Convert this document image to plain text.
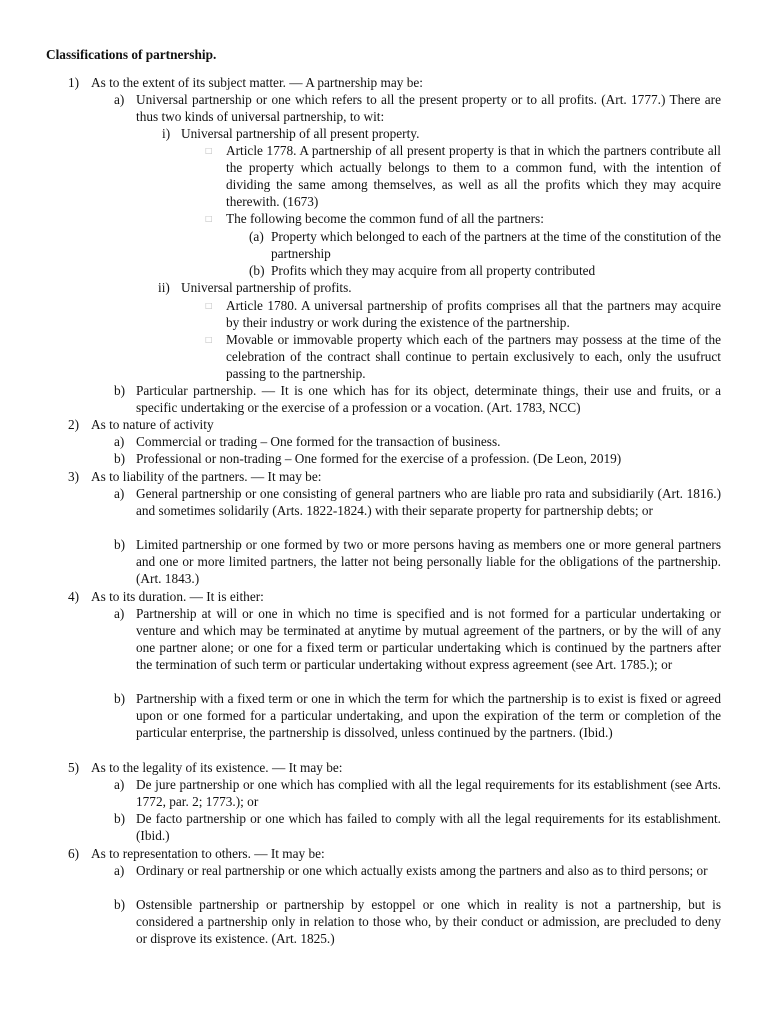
Classifications of partnership.
1) As to the extent of its subject matter. — A partnership may be:
a) Universal partnership or one which refers to all the present property or to all profits. (Art. 1777.) There are thus two kinds of universal partnership, to wit:
i) Universal partnership of all present property.
□ Article 1778. A partnership of all present property is that in which the partners contribute all the property which actually belongs to them to a common fund, with the intention of dividing the same among themselves, as well as all the profits which they may acquire therewith. (1673)
□ The following become the common fund of all the partners:
(a) Property which belonged to each of the partners at the time of the constitution of the partnership
(b) Profits which they may acquire from all property contributed
ii) Universal partnership of profits.
□ Article 1780. A universal partnership of profits comprises all that the partners may acquire by their industry or work during the existence of the partnership.
□ Movable or immovable property which each of the partners may possess at the time of the celebration of the contract shall continue to pertain exclusively to each, only the usufruct passing to the partnership.
b) Particular partnership. — It is one which has for its object, determinate things, their use and fruits, or a specific undertaking or the exercise of a profession or a vocation. (Art. 1783, NCC)
2) As to nature of activity
a) Commercial or trading – One formed for the transaction of business.
b) Professional or non-trading – One formed for the exercise of a profession. (De Leon, 2019)
3) As to liability of the partners. — It may be:
a) General partnership or one consisting of general partners who are liable pro rata and subsidiarily (Art. 1816.) and sometimes solidarily (Arts. 1822-1824.) with their separate property for partnership debts; or
b) Limited partnership or one formed by two or more persons having as members one or more general partners and one or more limited partners, the latter not being personally liable for the obligations of the partnership. (Art. 1843.)
4) As to its duration. — It is either:
a) Partnership at will or one in which no time is specified and is not formed for a particular undertaking or venture and which may be terminated at anytime by mutual agreement of the partners, or by the will of any one partner alone; or one for a fixed term or particular undertaking which is continued by the partners after the termination of such term or particular undertaking without express agreement (see Art. 1785.); or
b) Partnership with a fixed term or one in which the term for which the partnership is to exist is fixed or agreed upon or one formed for a particular undertaking, and upon the expiration of the term or completion of the particular enterprise, the partnership is dissolved, unless continued by the partners. (Ibid.)
5) As to the legality of its existence. — It may be:
a) De jure partnership or one which has complied with all the legal requirements for its establishment (see Arts. 1772, par. 2; 1773.); or
b) De facto partnership or one which has failed to comply with all the legal requirements for its establishment. (Ibid.)
6) As to representation to others. — It may be:
a) Ordinary or real partnership or one which actually exists among the partners and also as to third persons; or
b) Ostensible partnership or partnership by estoppel or one which in reality is not a partnership, but is considered a partnership only in relation to those who, by their conduct or admission, are precluded to deny or disprove its existence. (Art. 1825.)
